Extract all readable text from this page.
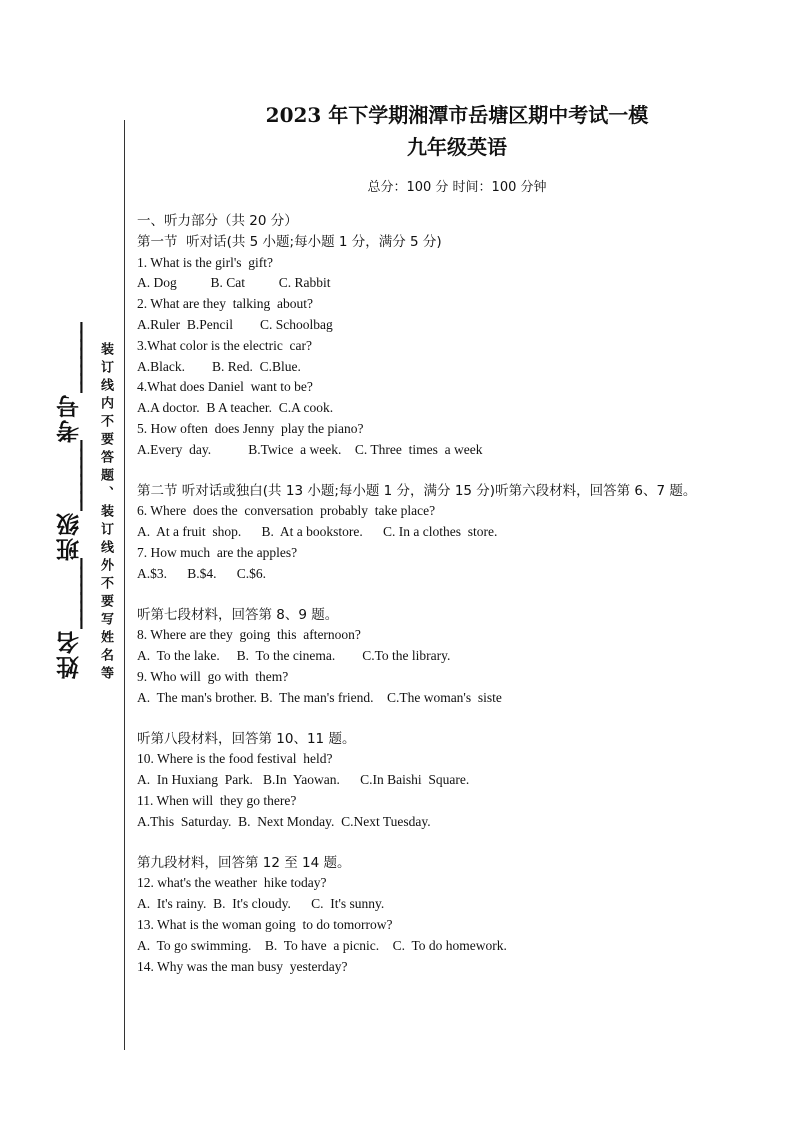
姓名________班级________考号________	装订线内不要答题、装订线外不要写姓名等
2023 年下学期湘潭市岳塘区期中考试一模
九年级英语
总分：100 分 时间：100 分钟
一、听力部分（共 20 分）
第一节  听对话(共 5 小题;每小题 1 分，满分 5 分)
1. What is the girl's  gift?
A. Dog          B. Cat          C. Rabbit
2. What are they  talking  about?
A.Ruler  B.Pencil        C. Schoolbag
3.What color is the electric  car?
A.Black.        B. Red.  C.Blue.
4.What does Daniel  want to be?
A.A doctor.  B A teacher.  C.A cook.
5. How often  does Jenny  play the piano?
A.Every  day.           B.Twice  a week.    C. Three  times  a week
第二节 听对话或独白(共 13 小题;每小题 1 分，满分 15 分)听第六段材料，回答第 6、7 题。
6. Where  does the  conversation  probably  take place?
A.  At a fruit  shop.      B.  At a bookstore.      C. In a clothes  store.
7. How much  are the apples?
A.$3.      B.$4.      C.$6.
听第七段材料，回答第 8、9 题。
8. Where are they  going  this  afternoon?
A.  To the lake.     B.  To the cinema.        C.To the library.
9. Who will  go with  them?
A.  The man's brother. B.  The man's friend.    C.The woman's  siste
听第八段材料，回答第 10、11 题。
10. Where is the food festival  held?
A.  In Huxiang  Park.   B.In  Yaowan.      C.In Baishi  Square.
11. When will  they go there?
A.This  Saturday.  B.  Next Monday.  C.Next Tuesday.
第九段材料，回答第 12 至 14 题。
12. what's the weather  hike today?
A.  It's rainy.  B.  It's cloudy.      C.  It's sunny.
13. What is the woman going  to do tomorrow?
A.  To go swimming.    B.  To have  a picnic.    C.  To do homework.
14. Why was the man busy  yesterday?
